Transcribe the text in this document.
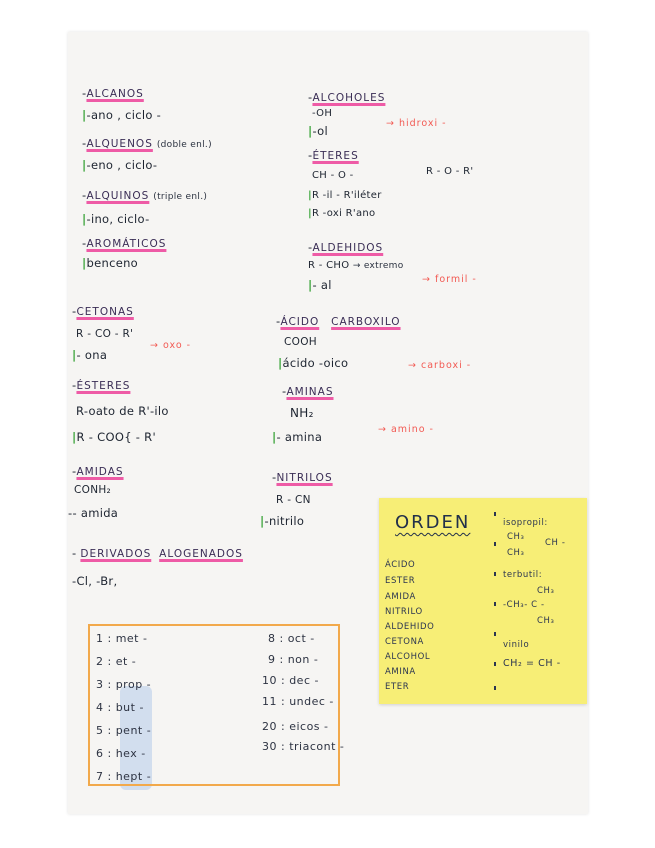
-ALCANOS
|-ano , ciclo -
-ALQUENOS (doble enl.)
|-eno , ciclo-
-ALQUINOS (triple enl.)
|-ino, ciclo-
-AROMÁTICOS
|benceno
-ALCOHOLES
-OH
|-ol
→ hidroxi -
-ÉTERES
CH - O -	R - O - R'
|R -il - R'iléter
|R -oxi R'ano
-ALDEHIDOS
R - CHO → extremo
|- al	→ formil -
-CETONAS
R - CO - R'
|- ona
→ oxo -
-ÁCIDO CARBOXILO
COOH
|ácido -oico	→ carboxi -
-ÉSTERES
R-oato de R'-ilo
|R - COO{ - R'
-AMINAS
NH₂
|- amina
→ amino -
-AMIDAS
CONH₂
-- amida
-NITRILOS
R - CN
|-nitrilo
- DERIVADOS ALOGENADOS
-Cl, -Br,
1 : met -
2 : et -
3 : prop -
4 : but -
5 : pent -
6 : hex -
7 : hept -
8 : oct -
9 : non -
10 : dec -
11 : undec -
20 : eicos -
30 : triacont -
ORDEN
ÁCIDO
ESTER
AMIDA
NITRILO
ALDEHIDO
CETONA
ALCOHOL
AMINA
ETER
isopropil:
CH₃
CH -
CH₃
terbutil:
CH₃
-CH₃- C -
CH₃
vinilo
CH₂ = CH -
